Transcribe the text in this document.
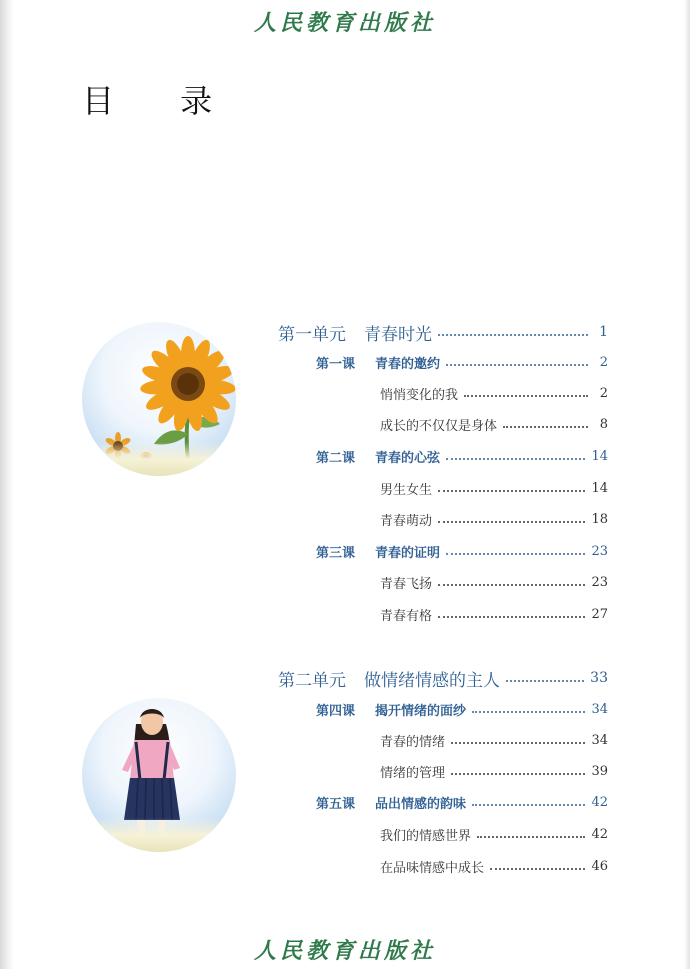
人民教育出版社
目 录
第一单元 青春时光	1
第一课 青春的邀约	2
悄悄变化的我	2
成长的不仅仅是身体	8
第二课 青春的心弦	14
男生女生	14
青春萌动	18
第三课 青春的证明	23
青春飞扬	23
青春有格	27
第二单元 做情绪情感的主人	33
第四课 揭开情绪的面纱	34
青春的情绪	34
情绪的管理	39
第五课 品出情感的韵味	42
我们的情感世界	42
在品味情感中成长	46
人民教育出版社
